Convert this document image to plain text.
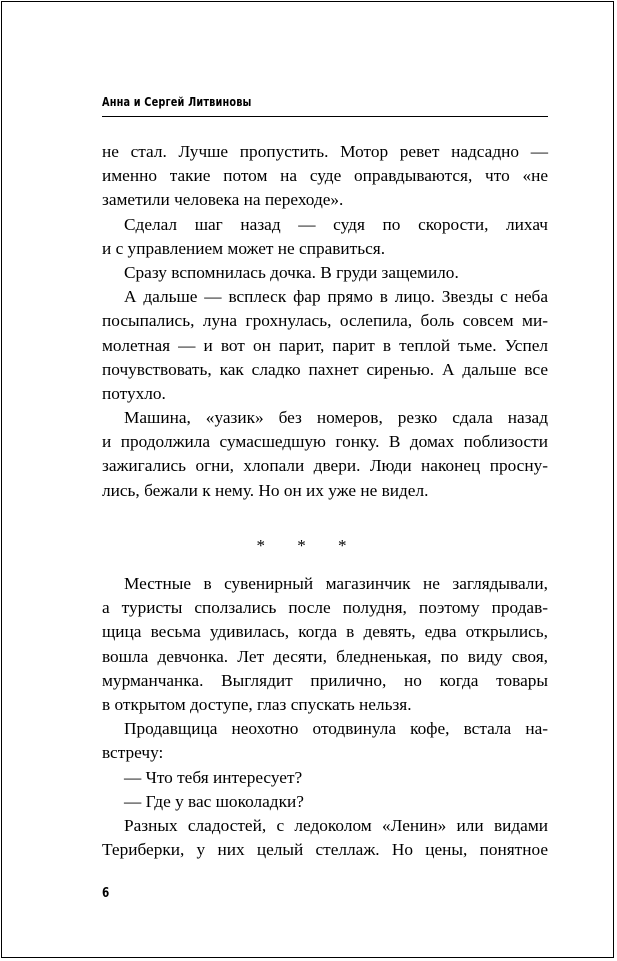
Анна и Сергей Литвиновы

не стал. Лучше пропустить. Мотор ревет надсадно —
именно такие потом на суде оправдываются, что «не
заметили человека на переходе».

Сделал шаг назад — судя по скорости, лихач
и с управлением может не справиться.

Сразу вспомнилась дочка. В груди защемило.

А дальше — всплеск фар прямо в лицо. Звезды с неба
посыпались, луна грохнулась, ослепила, боль совсем ми-
молетная — и вот он парит, парит в теплой тьме. Успел
почувствовать, как сладко пахнет сиренью. А дальше все
потухло.

Машина, «уазик» без номеров, резко сдала назад
и продолжила сумасшедшую гонку. В домах поблизости
зажигались огни, хлопали двери. Люди наконец просну-
лись, бежали к нему. Но он их уже не видел.

* * *

Местные в сувенирный магазинчик не заглядывали,
а туристы сползались после полудня, поэтому продав-
щица весьма удивилась, когда в девять, едва открылись,
вошла девчонка. Лет десяти, бледненькая, по виду своя,
мурманчанка. Выглядит прилично, но когда товары
в открытом доступе, глаз спускать нельзя.

Продавщица неохотно отодвинула кофе, встала на-
встречу:

— Что тебя интересует?

— Где у вас шоколадки?

Разных сладостей, с ледоколом «Ленин» или видами
Териберки, у них целый стеллаж. Но цены, понятное

6
